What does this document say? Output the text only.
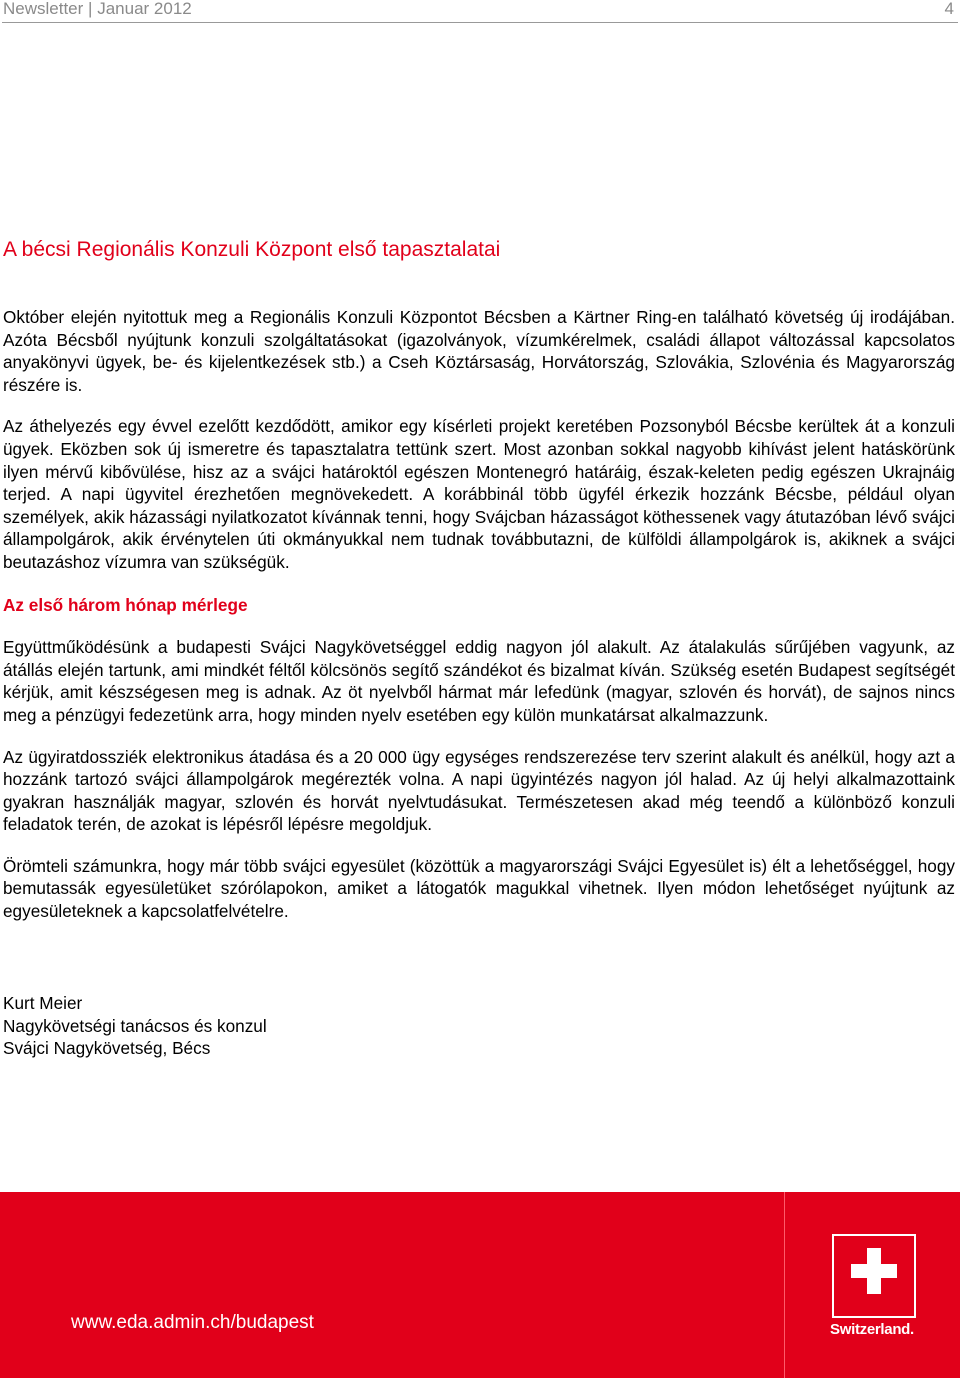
Newsletter | Januar 2012	4
A bécsi Regionális Konzuli Központ első tapasztalatai

Október elején nyitottuk meg a Regionális Konzuli Központot Bécsben a Kärtner Ring-en található követség új irodájában. Azóta Bécsből nyújtunk konzuli szolgáltatásokat (igazolványok, vízumkérelmek, családi állapot változással kapcsolatos anyakönyvi ügyek, be- és kijelentkezések stb.) a Cseh Köztársaság, Horvátország, Szlovákia, Szlovénia és Magyarország részére is.

Az áthelyezés egy évvel ezelőtt kezdődött, amikor egy kísérleti projekt keretében Pozsonyból Bécsbe kerültek át a konzuli ügyek. Eközben sok új ismeretre és tapasztalatra tettünk szert. Most azonban sokkal nagyobb kihívást jelent hatáskörünk ilyen mérvű kibővülése, hisz az a svájci határoktól egészen Montenegró határáig, észak-keleten pedig egészen Ukrajnáig terjed. A napi ügyvitel érezhetően megnövekedett. A korábbinál több ügyfél érkezik hozzánk Bécsbe, például olyan személyek, akik házassági nyilatkozatot kívánnak tenni, hogy Svájcban házasságot köthessenek vagy átutazóban lévő svájci állampolgárok, akik érvénytelen úti okmányukkal nem tudnak továbbutazni, de külföldi állampolgárok is, akiknek a svájci beutazáshoz vízumra van szükségük.

Az első három hónap mérlege

Együttműködésünk a budapesti Svájci Nagykövetséggel eddig nagyon jól alakult. Az átalakulás sűrűjében vagyunk, az átállás elején tartunk, ami mindkét féltől kölcsönös segítő szándékot és bizalmat kíván. Szükség esetén Budapest segítségét kérjük, amit készségesen meg is adnak. Az öt nyelvből hármat már lefedünk (magyar, szlovén és horvát), de sajnos nincs meg a pénzügyi fedezetünk arra, hogy minden nyelv esetében egy külön munkatársat alkalmazzunk.

Az ügyiratdossziék elektronikus átadása és a 20 000 ügy egységes rendszerezése terv szerint alakult és anélkül, hogy azt a hozzánk tartozó svájci állampolgárok megérezték volna. A napi ügyintézés nagyon jól halad. Az új helyi alkalmazottaink gyakran használják magyar, szlovén és horvát nyelvtudásukat. Természetesen akad még teendő a különböző konzuli feladatok terén, de azokat is lépésről lépésre megoldjuk.

Örömteli számunkra, hogy már több svájci egyesület (közöttük a magyarországi Svájci Egyesület is) élt a lehetőséggel, hogy bemutassák egyesületüket szórólapokon, amiket a látogatók magukkal vihetnek. Ilyen módon lehetőséget nyújtunk az egyesületeknek a kapcsolatfelvételre.

Kurt Meier
Nagykövetségi tanácsos és konzul
Svájci Nagykövetség, Bécs
www.eda.admin.ch/budapest	Switzerland.
